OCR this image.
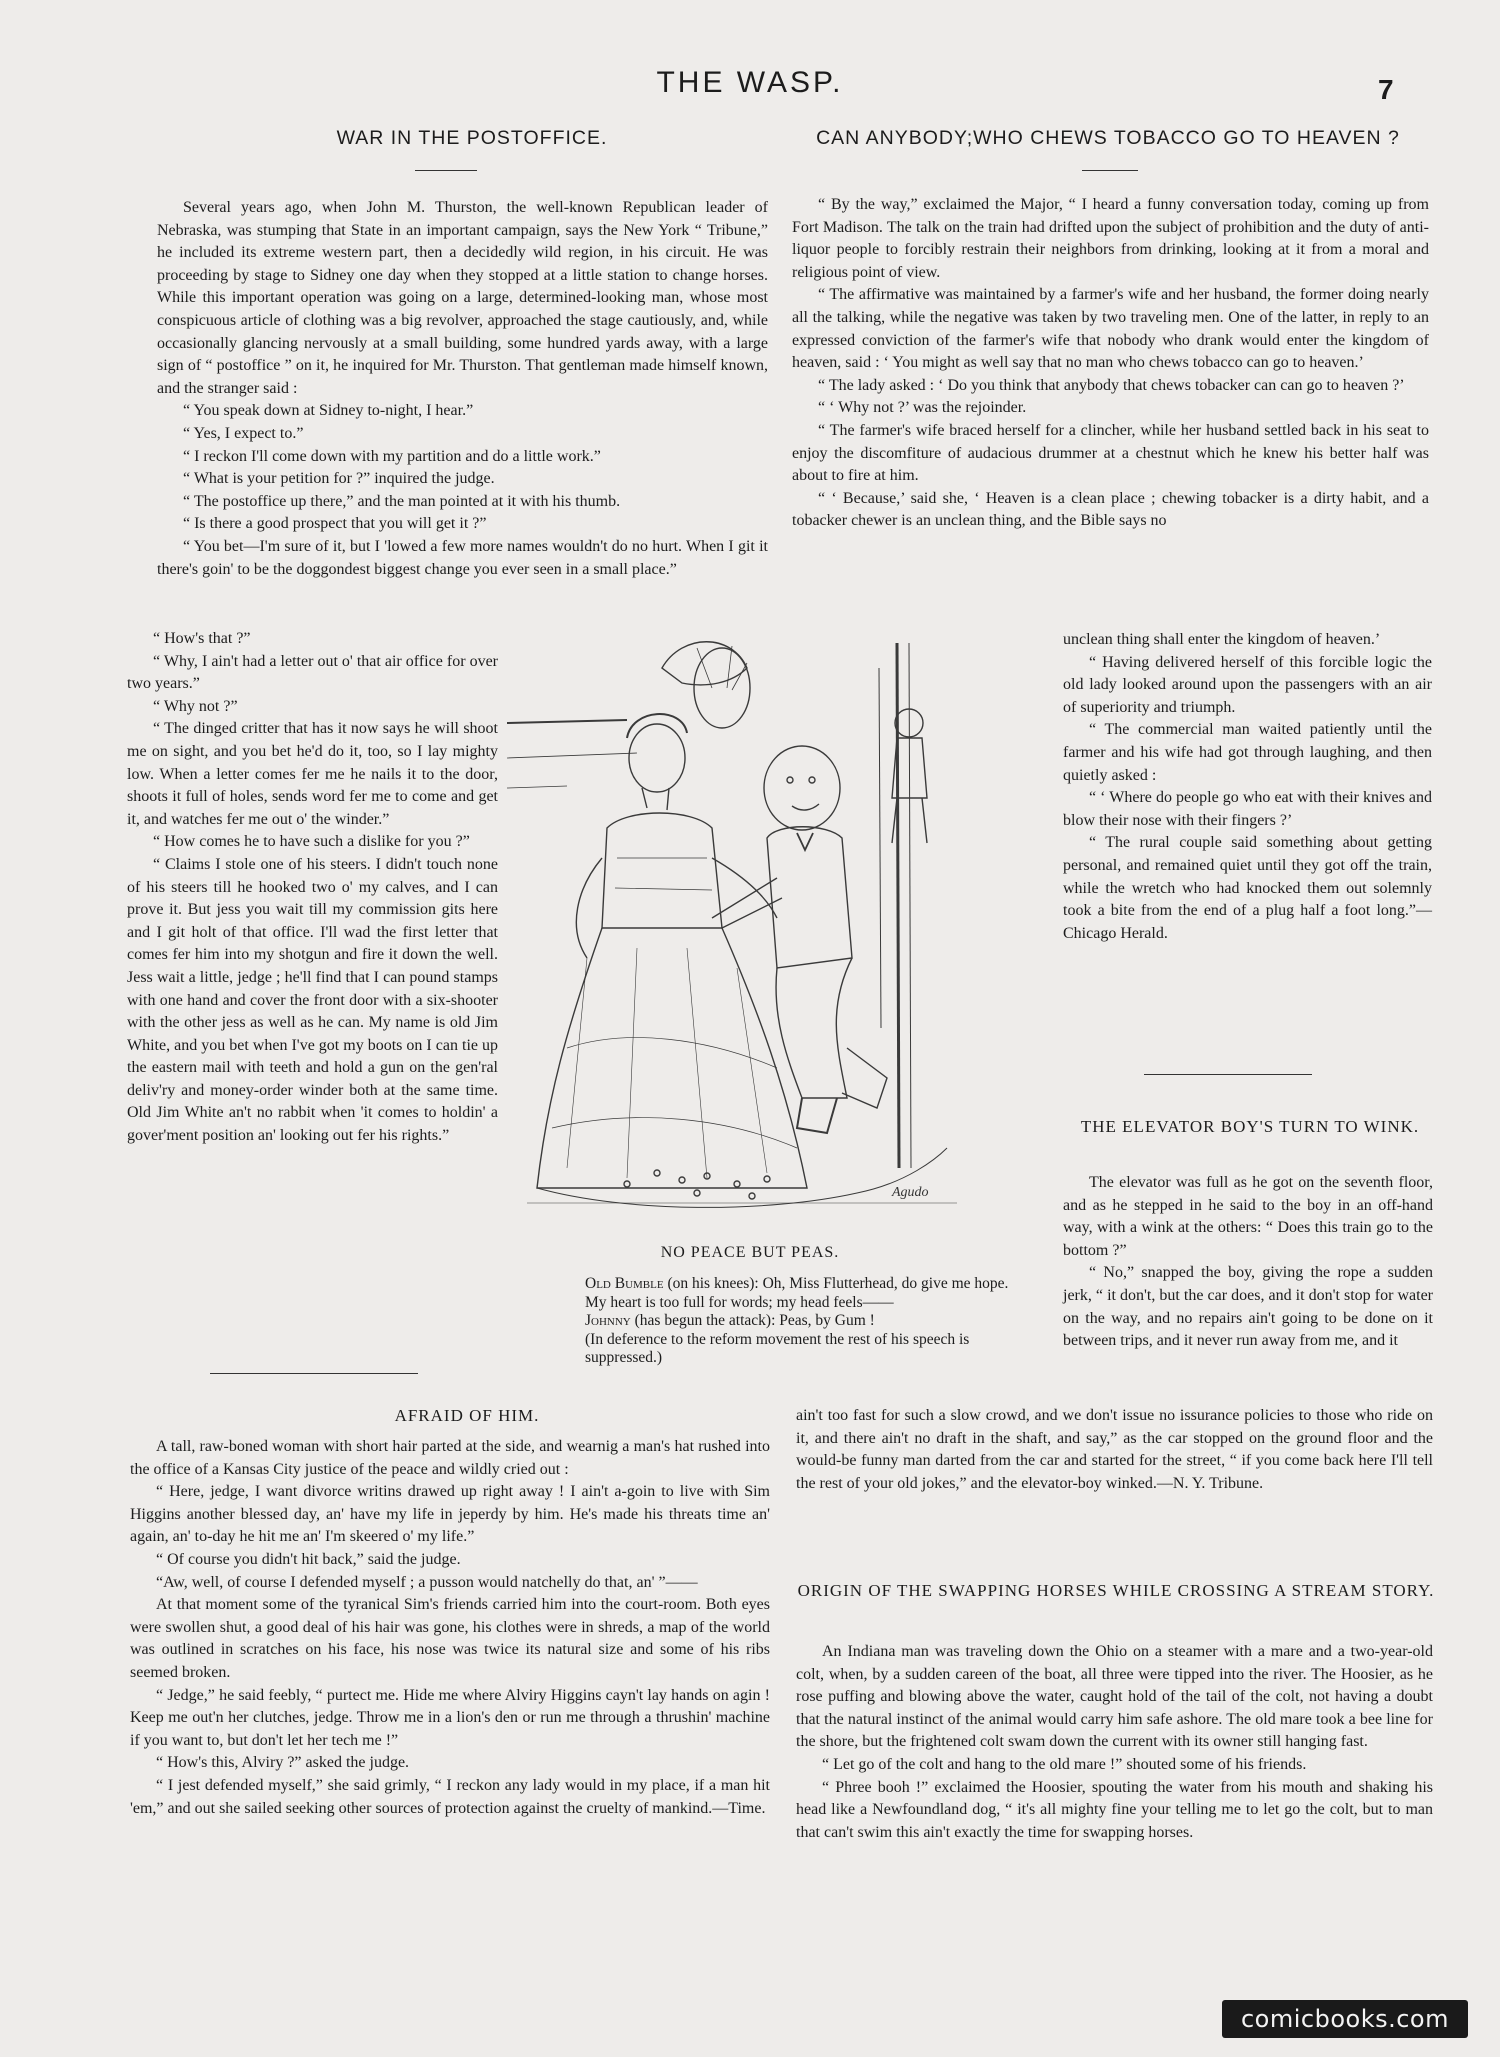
THE WASP.	7
WAR IN THE POSTOFFICE.

Several years ago, when John M. Thurston, the well-known Republican leader of Nebraska, was stumping that State in an important campaign, says the New York “ Tribune,” he included its extreme western part, then a decidedly wild region, in his circuit. He was proceeding by stage to Sidney one day when they stopped at a little station to change horses. While this important operation was going on a large, determined-looking man, whose most conspicuous article of clothing was a big revolver, approached the stage cautiously, and, while occasionally glancing nervously at a small building, some hundred yards away, with a large sign of “ postoffice ” on it, he inquired for Mr. Thurston. That gentleman made himself known, and the stranger said :

“ You speak down at Sidney to-night, I hear.”

“ Yes, I expect to.”

“ I reckon I'll come down with my partition and do a little work.”

“ What is your petition for ?” inquired the judge.

“ The postoffice up there,” and the man pointed at it with his thumb.

“ Is there a good prospect that you will get it ?”

“ You bet—I'm sure of it, but I 'lowed a few more names wouldn't do no hurt. When I git it there's goin' to be the doggondest biggest change you ever seen in a small place.”

“ How's that ?”

“ Why, I ain't had a letter out o' that air office for over two years.”

“ Why not ?”

“ The dinged critter that has it now says he will shoot me on sight, and you bet he'd do it, too, so I lay mighty low. When a letter comes fer me he nails it to the door, shoots it full of holes, sends word fer me to come and get it, and watches fer me out o' the winder.”

“ How comes he to have such a dislike for you ?”

“ Claims I stole one of his steers. I didn't touch none of his steers till he hooked two o' my calves, and I can prove it. But jess you wait till my commission gits here and I git holt of that office. I'll wad the first letter that comes fer him into my shotgun and fire it down the well. Jess wait a little, jedge ; he'll find that I can pound stamps with one hand and cover the front door with a six-shooter with the other jess as well as he can. My name is old Jim White, and you bet when I've got my boots on I can tie up the eastern mail with teeth and hold a gun on the gen'ral deliv'ry and money-order winder both at the same time. Old Jim White an't no rabbit when 'it comes to holdin' a gover'ment position an' looking out fer his rights.”

CAN ANYBODY;WHO CHEWS TOBACCO GO TO HEAVEN ?

“ By the way,” exclaimed the Major, “ I heard a funny conversation today, coming up from Fort Madison. The talk on the train had drifted upon the subject of prohibition and the duty of anti-liquor people to forcibly restrain their neighbors from drinking, looking at it from a moral and religious point of view.

“ The affirmative was maintained by a farmer's wife and her husband, the former doing nearly all the talking, while the negative was taken by two traveling men. One of the latter, in reply to an expressed conviction of the farmer's wife that nobody who drank would enter the kingdom of heaven, said : ‘ You might as well say that no man who chews tobacco can go to heaven.’

“ The lady asked : ‘ Do you think that anybody that chews tobacker can can go to heaven ?’

“ ‘ Why not ?’ was the rejoinder.

“ The farmer's wife braced herself for a clincher, while her husband settled back in his seat to enjoy the discomfiture of audacious drummer at a chestnut which he knew his better half was about to fire at him.

“ ‘ Because,’ said she, ‘ Heaven is a clean place ; chewing tobacker is a dirty habit, and a tobacker chewer is an unclean thing, and the Bible says no

unclean thing shall enter the kingdom of heaven.’

“ Having delivered herself of this forcible logic the old lady looked around upon the passengers with an air of superiority and triumph.

“ The commercial man waited patiently until the farmer and his wife had got through laughing, and then quietly asked :

“ ‘ Where do people go who eat with their knives and blow their nose with their fingers ?’

“ The rural couple said something about getting personal, and remained quiet until they got off the train, while the wretch who had knocked them out solemnly took a bite from the end of a plug half a foot long.”— Chicago Herald.

Agudo
NO PEACE BUT PEAS.

Old Bumble (on his knees): Oh, Miss Flutterhead, do give me hope. My heart is too full for words; my head feels——

Johnny (has begun the attack): Peas, by Gum !

(In deference to the reform movement the rest of his speech is suppressed.)

THE ELEVATOR BOY'S TURN TO WINK.

The elevator was full as he got on the seventh floor, and as he stepped in he said to the boy in an off-hand way, with a wink at the others: “ Does this train go to the bottom ?”

“ No,” snapped the boy, giving the rope a sudden jerk, “ it don't, but the car does, and it don't stop for water on the way, and no repairs ain't going to be done on it between trips, and it never run away from me, and it

ain't too fast for such a slow crowd, and we don't issue no issurance policies to those who ride on it, and there ain't no draft in the shaft, and say,” as the car stopped on the ground floor and the would-be funny man darted from the car and started for the street, “ if you come back here I'll tell the rest of your old jokes,” and the elevator-boy winked.—N. Y. Tribune.

AFRAID OF HIM.

A tall, raw-boned woman with short hair parted at the side, and wearnig a man's hat rushed into the office of a Kansas City justice of the peace and wildly cried out :

“ Here, jedge, I want divorce writins drawed up right away ! I ain't a-goin to live with Sim Higgins another blessed day, an' have my life in jeperdy by him. He's made his threats time an' again, an' to-day he hit me an' I'm skeered o' my life.”

“ Of course you didn't hit back,” said the judge.

“Aw, well, of course I defended myself ; a pusson would natchelly do that, an' ”——

At that moment some of the tyranical Sim's friends carried him into the court-room. Both eyes were swollen shut, a good deal of his hair was gone, his clothes were in shreds, a map of the world was outlined in scratches on his face, his nose was twice its natural size and some of his ribs seemed broken.

“ Jedge,” he said feebly, “ purtect me. Hide me where Alviry Higgins cayn't lay hands on agin ! Keep me out'n her clutches, jedge. Throw me in a lion's den or run me through a thrushin' machine if you want to, but don't let her tech me !”

“ How's this, Alviry ?” asked the judge.

“ I jest defended myself,” she said grimly, “ I reckon any lady would in my place, if a man hit 'em,” and out she sailed seeking other sources of protection against the cruelty of mankind.—Time.

ORIGIN OF THE SWAPPING HORSES WHILE CROSSING A STREAM STORY.

An Indiana man was traveling down the Ohio on a steamer with a mare and a two-year-old colt, when, by a sudden careen of the boat, all three were tipped into the river. The Hoosier, as he rose puffing and blowing above the water, caught hold of the tail of the colt, not having a doubt that the natural instinct of the animal would carry him safe ashore. The old mare took a bee line for the shore, but the frightened colt swam down the current with its owner still hanging fast.

“ Let go of the colt and hang to the old mare !” shouted some of his friends.

“ Phree booh !” exclaimed the Hoosier, spouting the water from his mouth and shaking his head like a Newfoundland dog, “ it's all mighty fine your telling me to let go the colt, but to man that can't swim this ain't exactly the time for swapping horses.

comicbooks.com
